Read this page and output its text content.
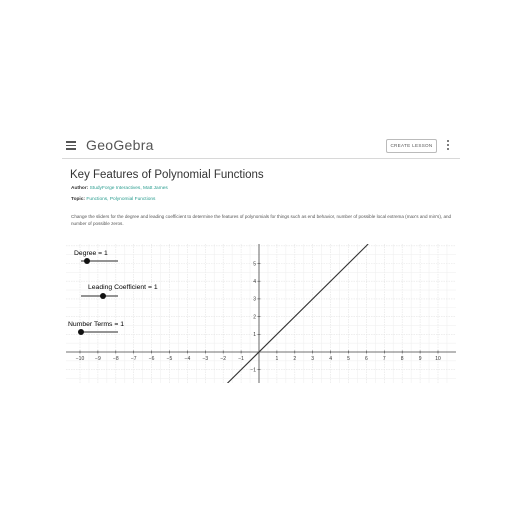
GeoGebra	CREATE LESSON
Key Features of Polynomial Functions
Author: StudyForge Interactives, Matt James
Topic: Functions, Polynomial Functions
Change the sliders for the degree and leading coefficient to determine the features of polynomials for things such as end behavior, number of possible local extrema (max's and min's), and number of possible zeros.
−10 −9 −8 −7 −6 −5 −4 −3 −2 −1	1	2	3	4	5	6	7	8	9	10
5
4
3
2
1
−1
Degree = 1
Leading Coefficient = 1
Number Terms = 1
